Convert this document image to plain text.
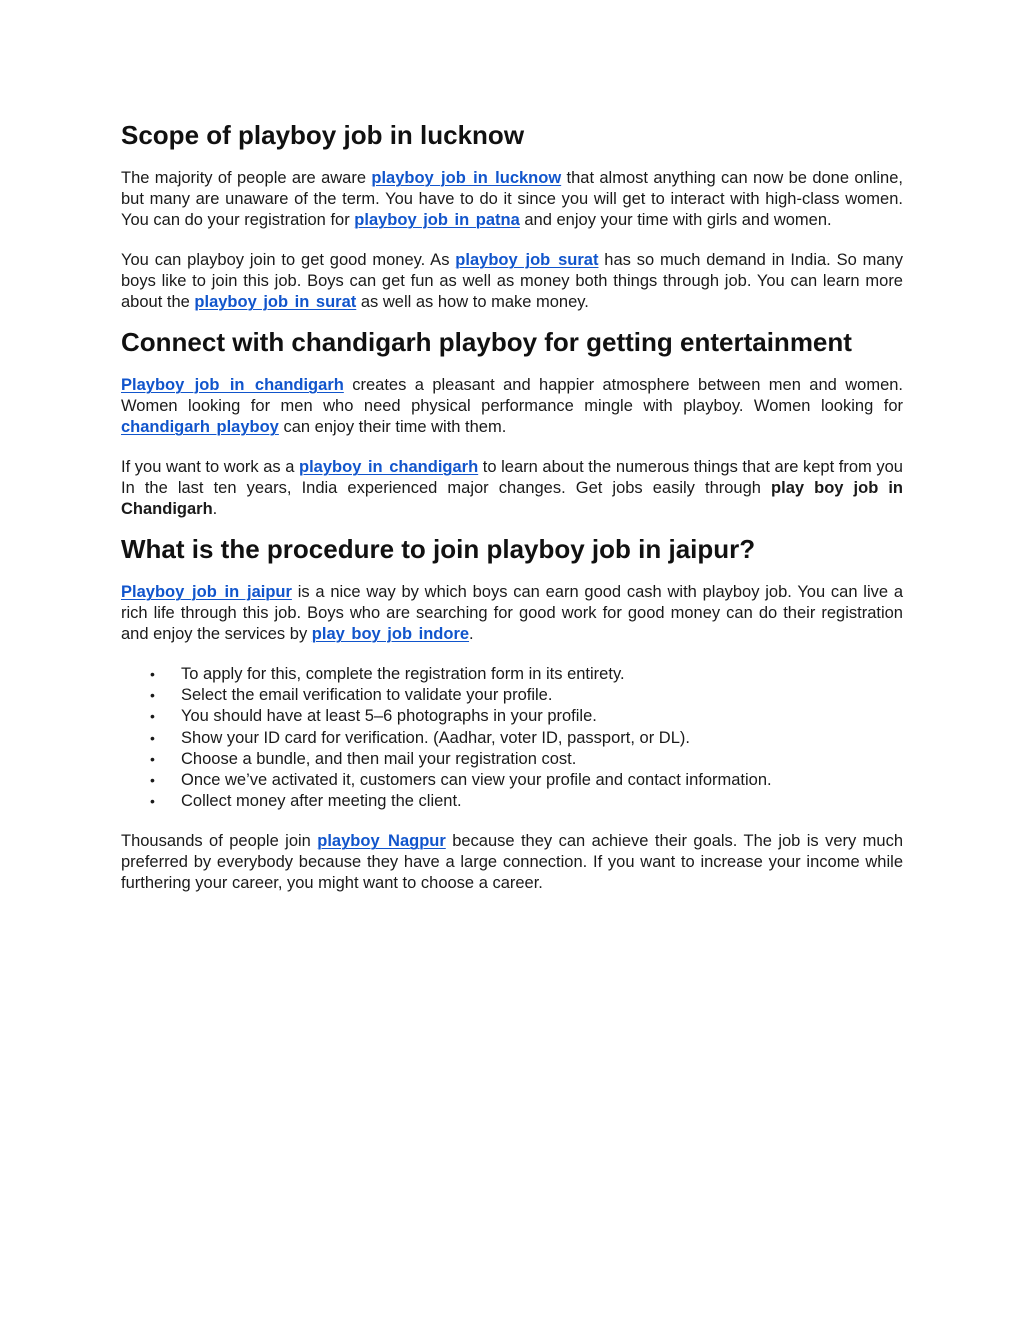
Scope of playboy job in lucknow

The majority of people are aware playboy job in lucknow that almost anything can now be done online, but many are unaware of the term. You have to do it since you will get to interact with high-class women. You can do your registration for playboy job in patna and enjoy your time with girls and women.

You can playboy join to get good money. As playboy job surat has so much demand in India. So many boys like to join this job. Boys can get fun as well as money both things through job. You can learn more about the playboy job in surat as well as how to make money.

Connect with chandigarh playboy for getting entertainment

Playboy job in chandigarh creates a pleasant and happier atmosphere between men and women. Women looking for men who need physical performance mingle with playboy. Women looking for chandigarh playboy can enjoy their time with them.

If you want to work as a playboy in chandigarh to learn about the numerous things that are kept from you In the last ten years, India experienced major changes. Get jobs easily through play boy job in Chandigarh.

What is the procedure to join playboy job in jaipur?

Playboy job in jaipur is a nice way by which boys can earn good cash with playboy job. You can live a rich life through this job. Boys who are searching for good work for good money can do their registration and enjoy the services by play boy job indore.

• To apply for this, complete the registration form in its entirety.
• Select the email verification to validate your profile.
• You should have at least 5–6 photographs in your profile.
• Show your ID card for verification. (Aadhar, voter ID, passport, or DL).
• Choose a bundle, and then mail your registration cost.
• Once we’ve activated it, customers can view your profile and contact information.
• Collect money after meeting the client.

Thousands of people join playboy Nagpur because they can achieve their goals. The job is very much preferred by everybody because they have a large connection. If you want to increase your income while furthering your career, you might want to choose a career.
